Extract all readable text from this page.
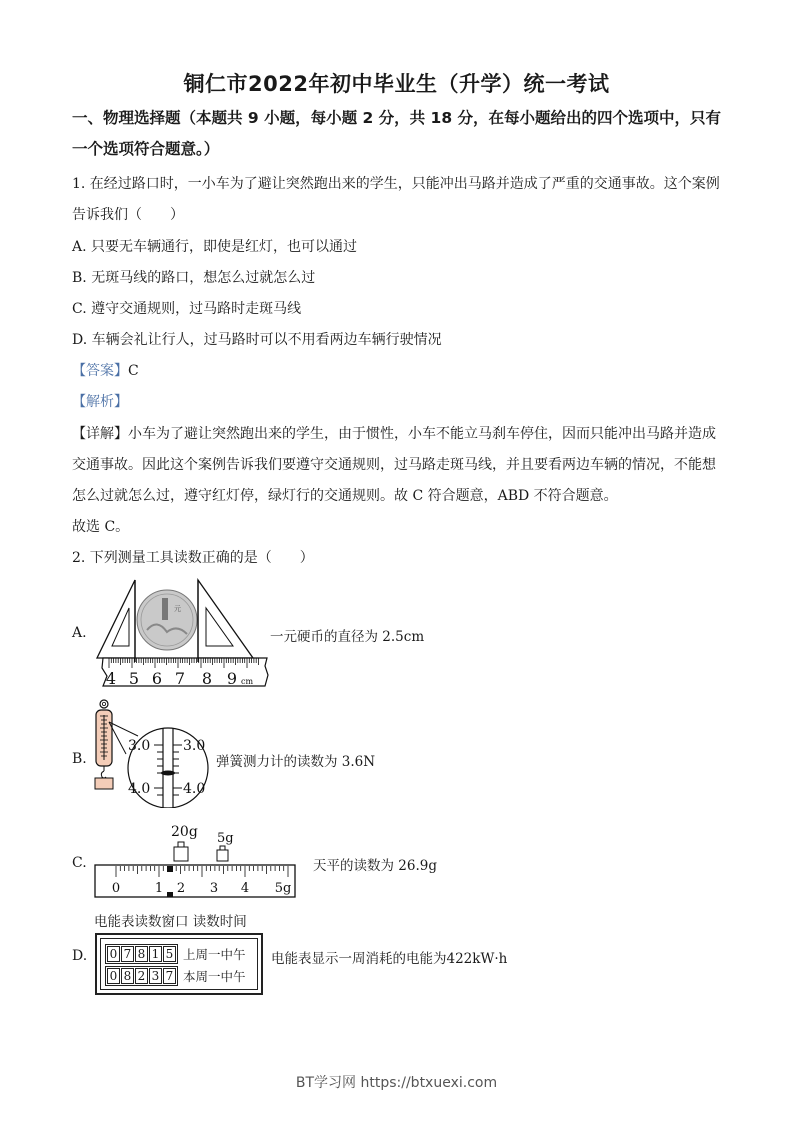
铜仁市2022年初中毕业生（升学）统一考试
一、物理选择题（本题共 9 小题，每小题 2 分，共 18 分，在每小题给出的四个选项中，只有
一个选项符合题意。）
1. 在经过路口时，一小车为了避让突然跑出来的学生，只能冲出马路并造成了严重的交通事故。这个案例
告诉我们（　　）
A. 只要无车辆通行，即使是红灯，也可以通过
B. 无斑马线的路口，想怎么过就怎么过
C. 遵守交通规则，过马路时走斑马线
D. 车辆会礼让行人，过马路时可以不用看两边车辆行驶情况
【答案】C
【解析】
【详解】小车为了避让突然跑出来的学生，由于惯性，小车不能立马刹车停住，因而只能冲出马路并造成
交通事故。因此这个案例告诉我们要遵守交通规则，过马路走斑马线，并且要看两边车辆的情况，不能想
怎么过就怎么过，遵守红灯停，绿灯行的交通规则。故 C 符合题意，ABD 不符合题意。
故选 C。
2. 下列测量工具读数正确的是（　　）
A.
元
4 5 6 7 8 9 cm
一元硬币的直径为 2.5cm
B.
3.0 3.0
4.0 4.0
弹簧测力计的读数为 3.6N
C.
20g 5g
0	1 2 3 4 5g
天平的读数为 26.9g
电能表读数窗口 读数时间
D. 0 7 8 1 5 上周一中午
0 8 2 3 7 本周一中午
电能表显示一周消耗的电能为422kW·h
BT学习网 https://btxuexi.com
